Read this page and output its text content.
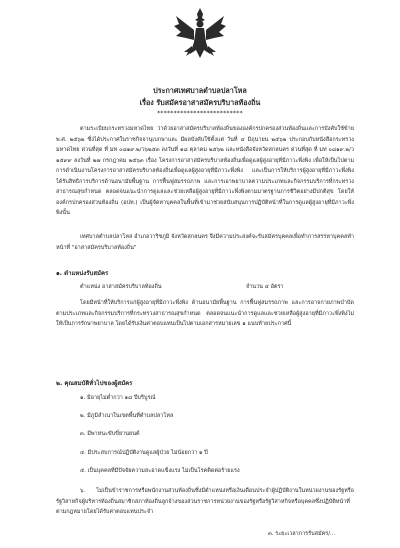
ประกาศเทศบาลตำบลปลาโหล
เรื่อง รับสมัครอาสาสมัครบริบาลท้องถิ่น
**************************
ตามระเบียบกระทรวงมหาดไทย ว่าด้วยอาสาสมัครบริบาลท้องถิ่นขององค์กรปกครองส่วนท้องถิ่นและการบังคับใช้ข้าย พ.ศ. ๒๕๖๒ ซึ่งได้ประกาศในราชกิจจานุเบกษาและ มีผลบังคับใช้ตั้งแต่ วันที่ ๔ มิถุนายน ๒๕๖๒ ประกอบกับหนังสือกระทรวงมหาดไทย ด่วนที่สุด ที่ มท ๐๘๑๙.๒/ว๖๒๕๓ ลงวันที่ ๑๘ ตุลาคม ๒๕๖๒ และหนังสือจังหวัดสกลนคร ด่วนที่สุด ที่ มท ๐๘๑๙.๒/ว ๑๕๙๙ ลงวันที่ ๒๗ กรกฎาคม ๒๕๖๓ เรื่อง โครงการอาสาสมัครบริบาลท้องถิ่นเพื่อดูแลผู้สูงอายุที่มีภาวะพึ่งพิง เพื่อให้เป็นไปตามการดำเนินงานโครงการอาสาสมัครบริบาลท้องถิ่นเพื่อดูแลผู้สูงอายุที่มีภาวะพึ่งพิง และเป็นการให้บริการผู้สูงอายุที่มีภาวะพึ่งพิง ได้รับสิทธิการบริการด้านอนามัยพื้นฐาน การฟื้นฟูสมรรถภาพ และการเอาพยาบาลความประเภทและกิจกรรมบริการที่กระทรวงสาธารณสุขกำหนด ตลอดจนแนะนำการดูแลและช่วยเหลือผู้สูงอายุที่มีภาวะพึ่งพิงตามมาตรฐานการชีวิตอย่างมีปกติสุข โดยให้องค์กรปกครองส่วนท้องถิ่น (อปท.) เป็นผู้จัดหาบุคคลในพื้นที่เข้ามาช่วยสนับสนุนการปฏิบัติหน้าที่ในการดูแลผู้สูงอายุที่มีภาวะพึ่งพิงนั้น
เทศบาลตำบลปลาโหล อำเภอวาริชภูมิ จังหวัดสกลนคร จึงมีความประสงค์จะรับสมัครบุคคลเพื่อทำการสรรหาบุคคลทำหน้าที่ "อาสาสมัครบริบาลท้องถิ่น"
๑. ตำแหน่งรับสมัคร
ตำแหน่ง อาสาสมัครบริบาลท้องถิ่น	จำนวน ๔ อัตรา
โดยมีหน้าที่ให้บริการแก่ผู้สูงอายุที่มีภาวะพึ่งพิง ด้านอนามัยพื้นฐาน การฟื้นฟูสมรรถภาพ และการอาจกายภาพบำบัดตามประเภทและกิจกรรมบริการที่กระทรวงสาธารณสุขกำหนด ตลอดจนแนะนำการดูแลและช่วยเหลือผู้สูงอายุที่มีภาวะพึ่งพิงไม่ให้เป็นการรักษาพยาบาล โดยได้รับเงินค่าตอบแทนเป็นไปตามเอกสารหมายเลข ๑ แนบท้ายประกาศนี้
๒. คุณสมบัติทั่วไปของผู้สมัคร
๑. มีอายุไม่ต่ำกว่า ๑๘ ปีบริบูรณ์
๒. มีภูมิลำเนาในเขตพื้นที่ตำบลปลาโหล
๓. มีพาหนะขับขี่ยานยนต์
๔. มีประสบการณ์ปฏิบัติงานดูแลผู้ป่วย ไม่น้อยกว่า ๑ ปี
๕. เป็นบุคคลที่มีปัจจัยความสะอาดแข็งแรง ไม่เป็นโรคติดต่อร้ายแรง
๖. ไม่เป็นข้าราชการหรือพนักงานส่วนท้องถิ่นซึ่งมีตำแหน่งหรือเงินเดือนประจำผู้ปฏิบัติงานในหน่วยงานของรัฐหรือรัฐวิสาหกิจผู้บริหารท้องถิ่นสมาชิกสภาท้องถิ่นลูกจ้างของส่วนราชการหน่วยงานของรัฐหรือรัฐวิสาหกิจหรือบุคคลซึ่งปฏิบัติหน้าที่ตามกฎหมายโดยได้รับค่าตอบแทนประจำ
๓. ระยะเวลาการรับสมัคร/...
